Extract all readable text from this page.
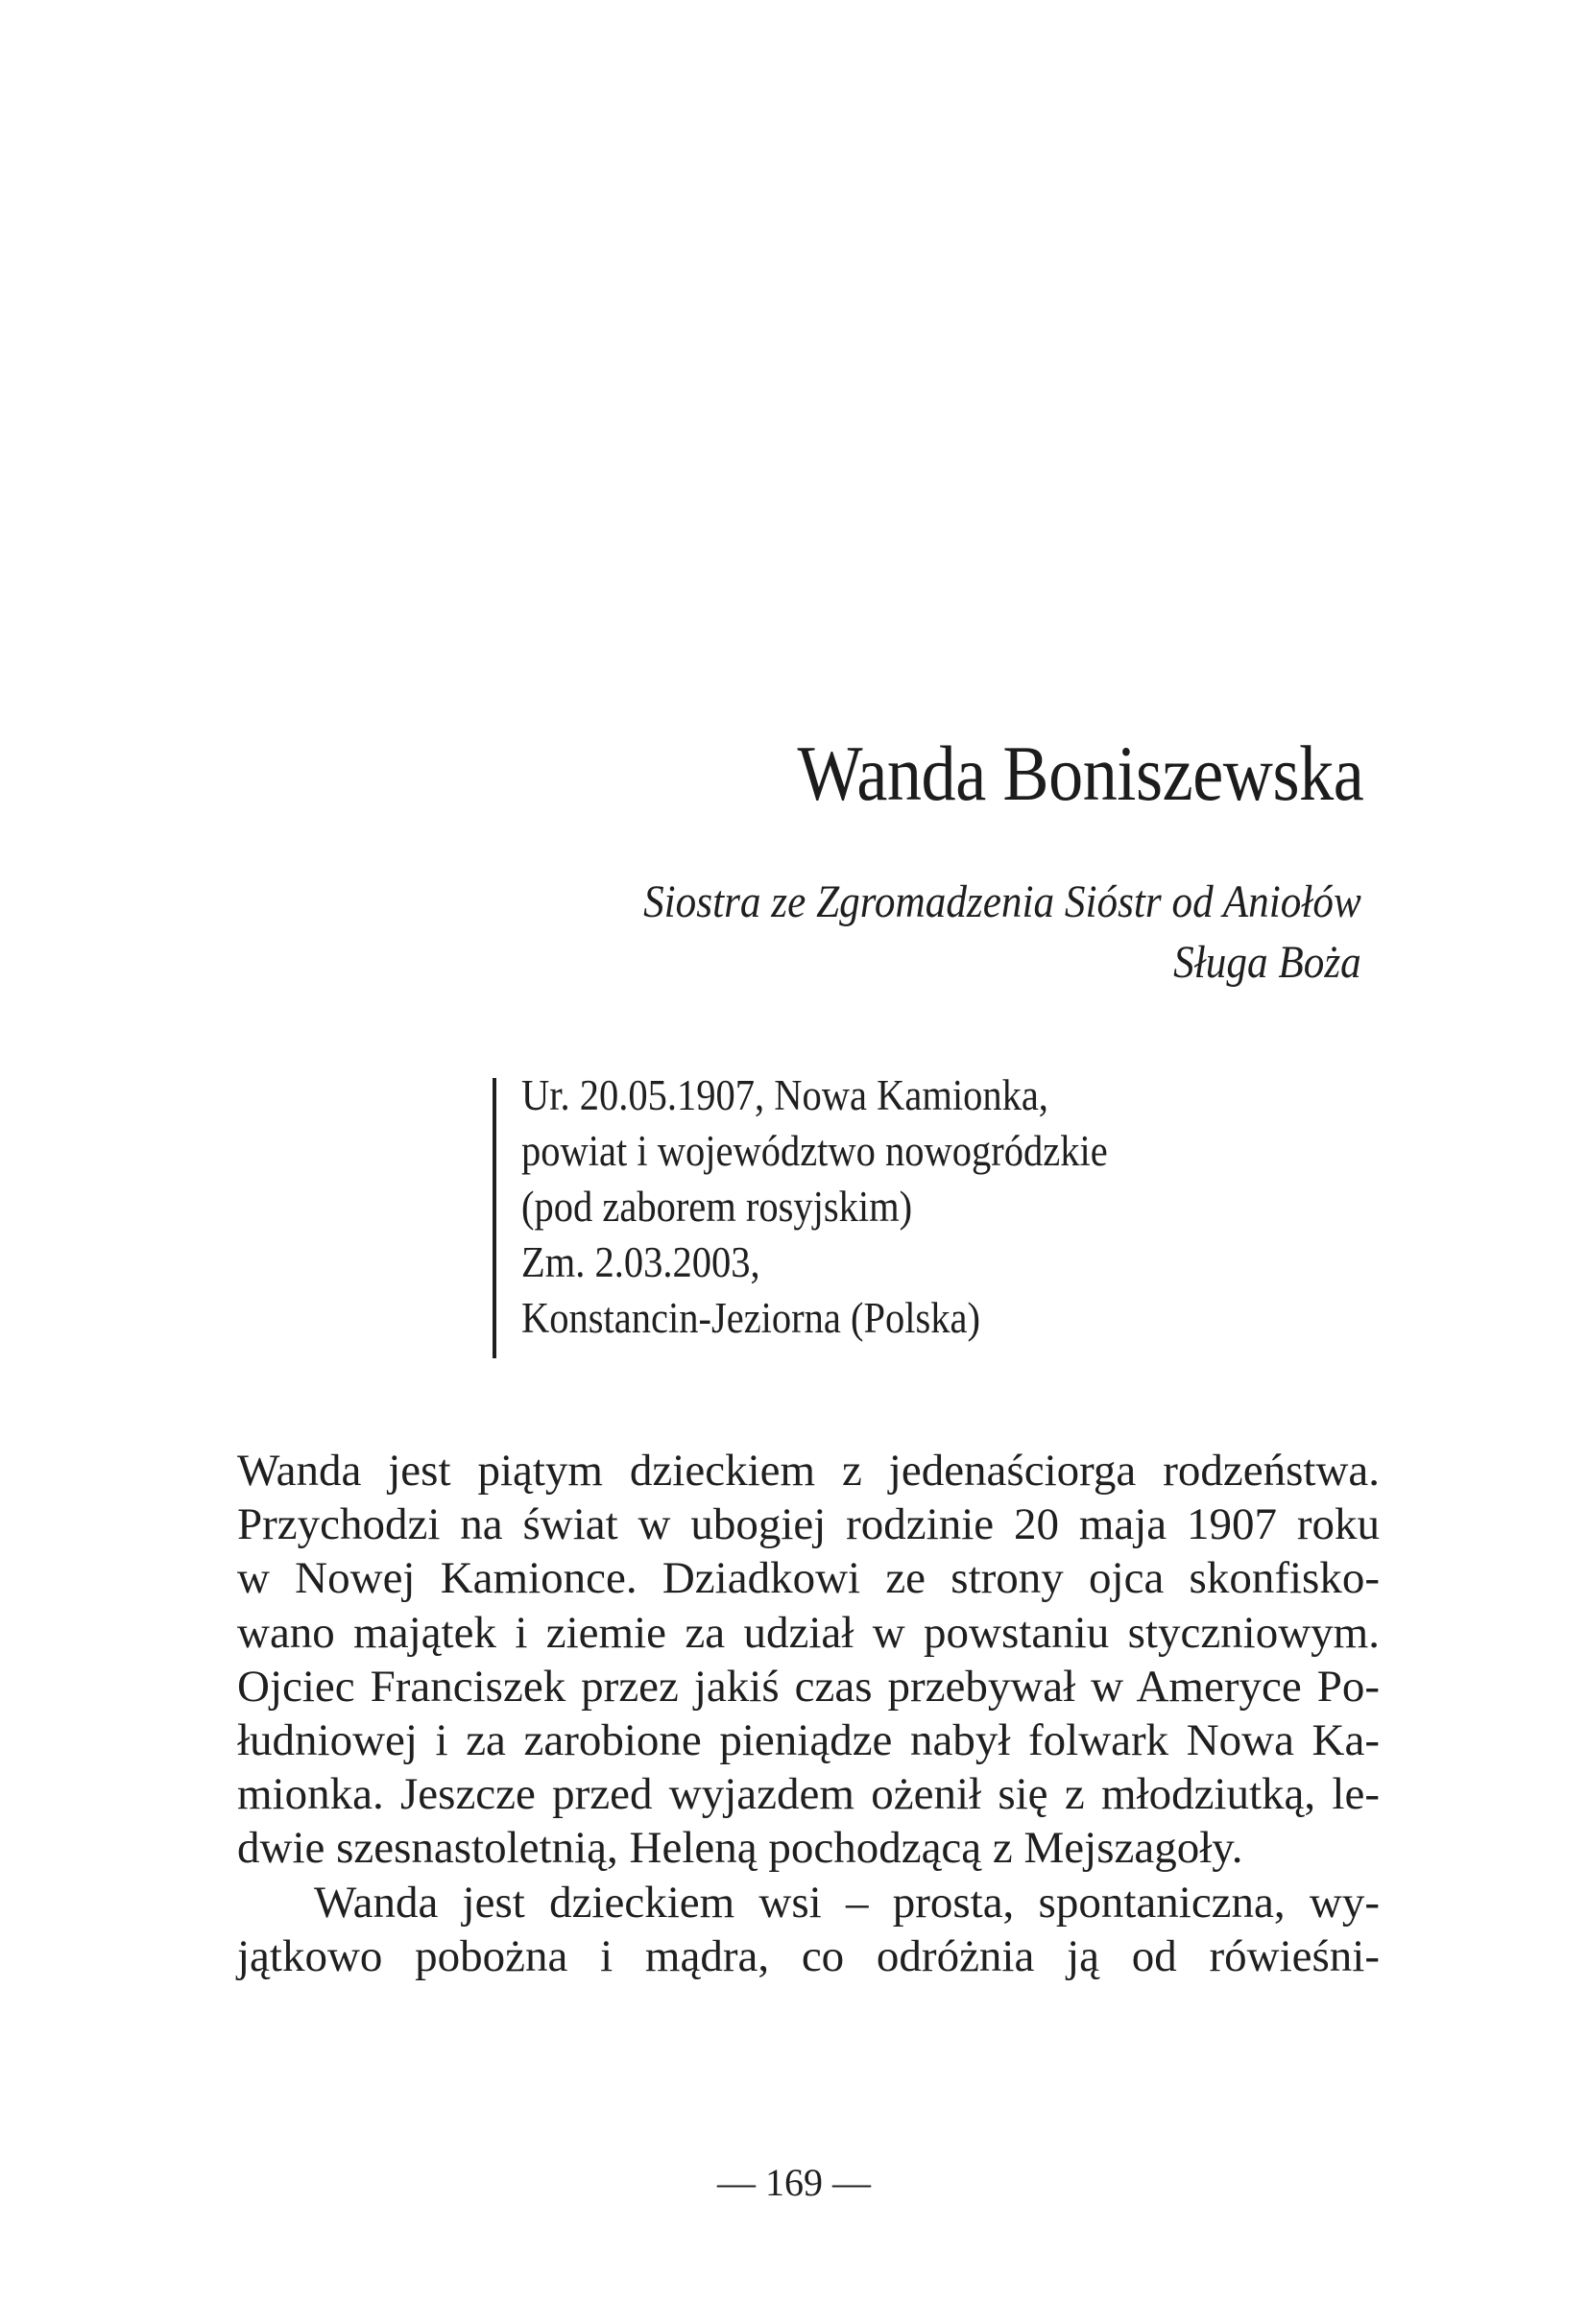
Wanda Boniszewska
Siostra ze Zgromadzenia Sióstr od Aniołów
Sługa Boża
Ur. 20.05.1907, Nowa Kamionka,
powiat i województwo nowogródzkie
(pod zaborem rosyjskim)
Zm. 2.03.2003,
Konstancin-Jeziorna (Polska)
Wanda jest piątym dzieckiem z jedenaściorga rodzeństwa.
Przychodzi na świat w ubogiej rodzinie 20 maja 1907 roku
w Nowej Kamionce. Dziadkowi ze strony ojca skonfisko-
wano majątek i ziemie za udział w powstaniu styczniowym.
Ojciec Franciszek przez jakiś czas przebywał w Ameryce Po-
łudniowej i za zarobione pieniądze nabył folwark Nowa Ka-
mionka. Jeszcze przed wyjazdem ożenił się z młodziutką, le-
dwie szesnastoletnią, Heleną pochodzącą z Mejszagoły.
Wanda jest dzieckiem wsi – prosta, spontaniczna, wy-
jątkowo pobożna i mądra, co odróżnia ją od rówieśni-
— 169 —
